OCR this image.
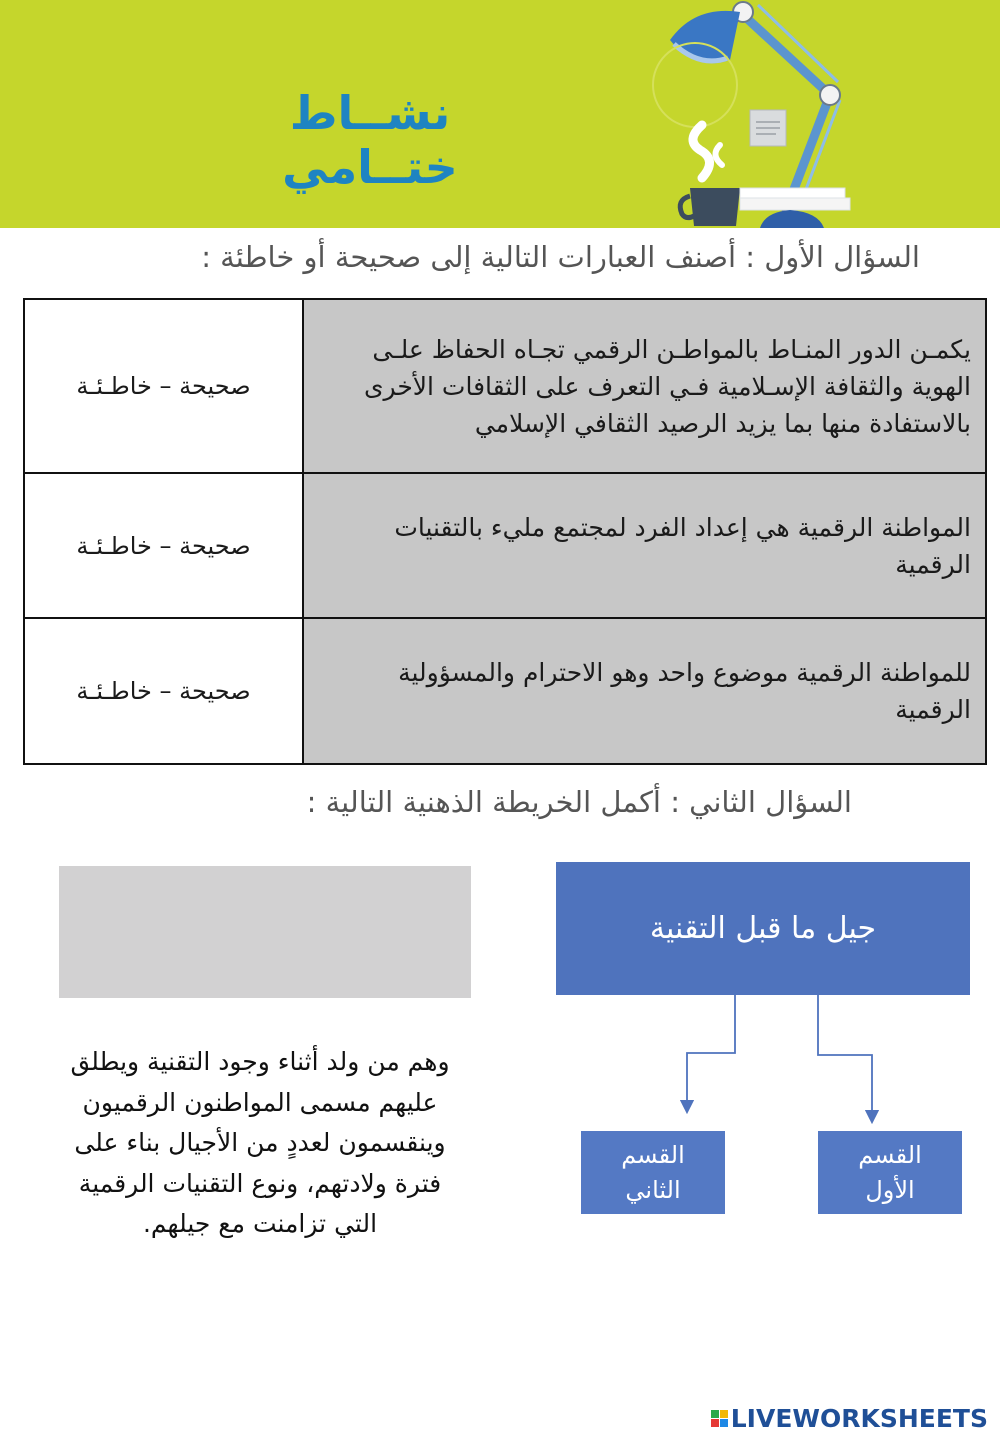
نشــاط ختــامي
السؤال الأول : أصنف العبارات التالية إلى صحيحة أو خاطئة :
يكمـن الدور المنـاط بالمواطـن الرقمي تجـاه الحفاظ علـى الهوية والثقافة الإسـلامية فـي التعرف على الثقافات الأخرى بالاستفادة منها بما يزيد الرصيد الثقافي الإسلامي	صحيحة – خاطـئـة
المواطنة الرقمية هي إعداد الفرد لمجتمع مليء بالتقنيات الرقمية	صحيحة – خاطـئـة
للمواطنة الرقمية موضوع واحد وهو الاحترام والمسؤولية الرقمية	صحيحة – خاطـئـة
السؤال الثاني : أكمل الخريطة الذهنية التالية :
جيل ما قبل التقنية
القسم
الأول
القسم
الثاني
وهم من ولد أثناء وجود التقنية ويطلق عليهم مسمى المواطنون الرقميون وينقسمون لعددٍ من الأجيال بناء على فترة ولادتهم، ونوع التقنيات الرقمية التي تزامنت مع جيلهم.
LIVEWORKSHEETS
